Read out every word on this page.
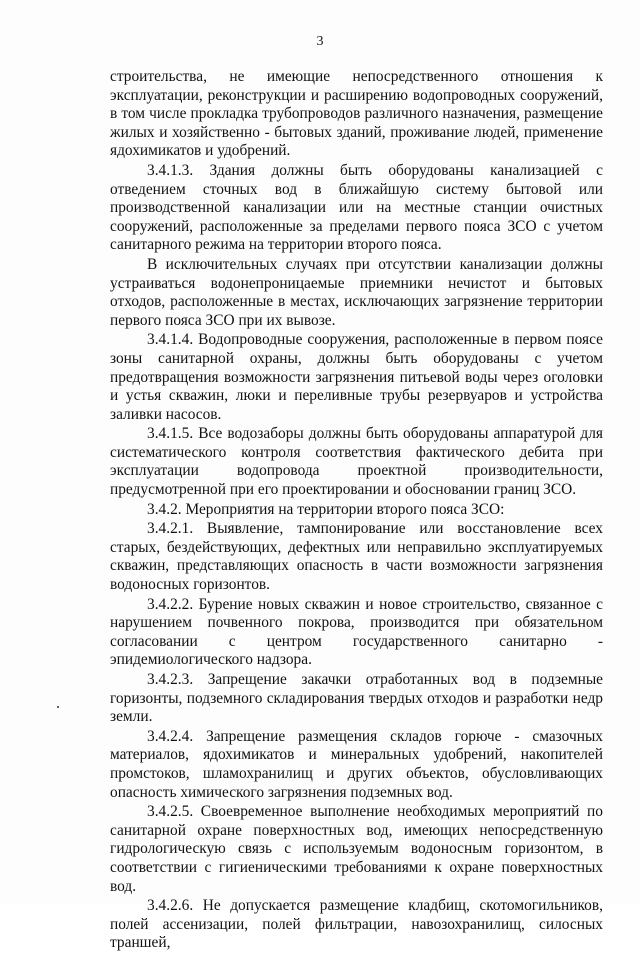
3

строительства, не имеющие непосредственного отношения к эксплуатации, реконструкции и расширению водопроводных сооружений, в том числе прокладка трубопроводов различного назначения, размещение жилых и хозяйственно - бытовых зданий, проживание людей, применение ядохимикатов и удобрений.

3.4.1.3. Здания должны быть оборудованы канализацией с отведением сточных вод в ближайшую систему бытовой или производственной канализации или на местные станции очистных сооружений, расположенные за пределами первого пояса ЗСО с учетом санитарного режима на территории второго пояса.

В исключительных случаях при отсутствии канализации должны устраиваться водонепроницаемые приемники нечистот и бытовых отходов, расположенные в местах, исключающих загрязнение территории первого пояса ЗСО при их вывозе.

3.4.1.4. Водопроводные сооружения, расположенные в первом поясе зоны санитарной охраны, должны быть оборудованы с учетом предотвращения возможности загрязнения питьевой воды через оголовки и устья скважин, люки и переливные трубы резервуаров и устройства заливки насосов.

3.4.1.5. Все водозаборы должны быть оборудованы аппаратурой для систематического контроля соответствия фактического дебита при эксплуатации водопровода проектной производительности, предусмотренной при его проектировании и обосновании границ ЗСО.

3.4.2. Мероприятия на территории второго пояса ЗСО:

3.4.2.1. Выявление, тампонирование или восстановление всех старых, бездействующих, дефектных или неправильно эксплуатируемых скважин, представляющих опасность в части возможности загрязнения водоносных горизонтов.

3.4.2.2. Бурение новых скважин и новое строительство, связанное с нарушением почвенного покрова, производится при обязательном согласовании с центром государственного санитарно - эпидемиологического надзора.

3.4.2.3. Запрещение закачки отработанных вод в подземные горизонты, подземного складирования твердых отходов и разработки недр земли.

3.4.2.4. Запрещение размещения складов горюче - смазочных материалов, ядохимикатов и минеральных удобрений, накопителей промстоков, шламохранилищ и других объектов, обусловливающих опасность химического загрязнения подземных вод.

3.4.2.5. Своевременное выполнение необходимых мероприятий по санитарной охране поверхностных вод, имеющих непосредственную гидрологическую связь с используемым водоносным горизонтом, в соответствии с гигиеническими требованиями к охране поверхностных вод.

3.4.2.6. Не допускается размещение кладбищ, скотомогильников, полей ассенизации, полей фильтрации, навозохранилищ, силосных траншей,
